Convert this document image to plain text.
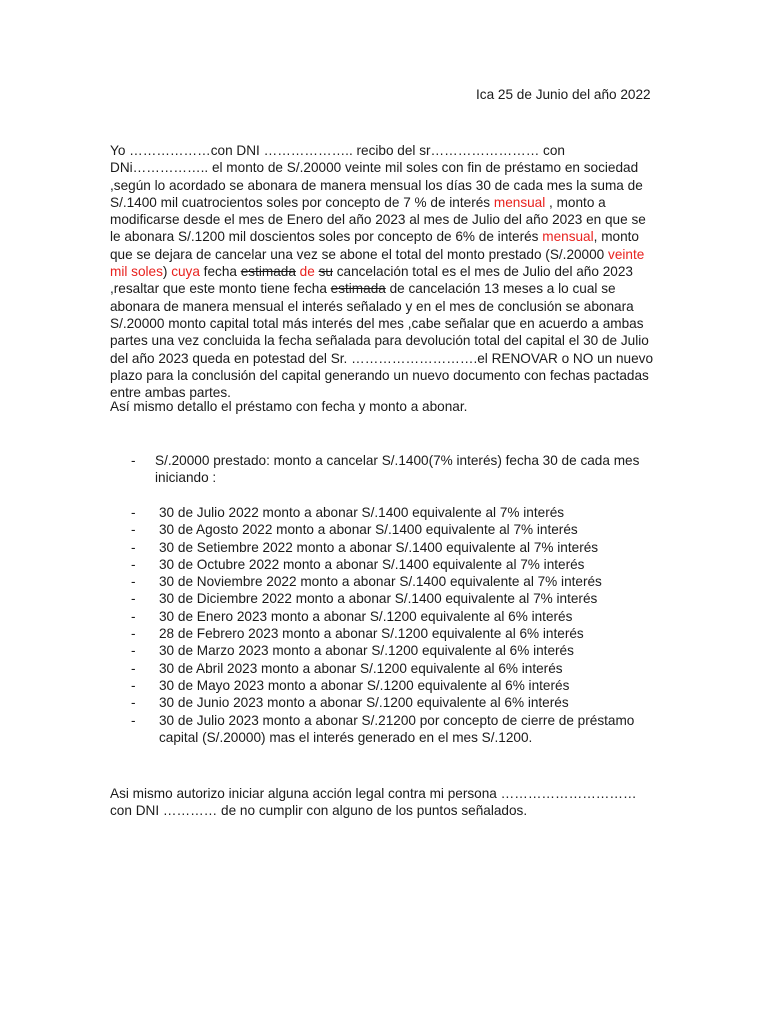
Ica 25 de Junio del año 2022

Yo ………………con DNI ……………….. recibo del sr…………………… con DNi…………….. el monto de S/.20000 veinte mil soles con fin de préstamo en sociedad ,según lo acordado se abonara de manera mensual los días 30 de cada mes la suma de S/.1400 mil cuatrocientos soles por concepto de 7 % de interés mensual , monto a modificarse desde el mes de Enero del año 2023 al mes de Julio del año 2023 en que se le abonara S/.1200 mil doscientos soles por concepto de 6% de interés mensual, monto que se dejara de cancelar una vez se abone el total del monto prestado (S/.20000 veinte mil soles) cuya fecha estimada de su cancelación total es el mes de Julio del año 2023 ,resaltar que este monto tiene fecha estimada de cancelación 13 meses a lo cual se abonara de manera mensual el interés señalado y en el mes de conclusión se abonara S/.20000 monto capital total más interés del mes ,cabe señalar que en acuerdo a ambas partes una vez concluida la fecha señalada para devolución total del capital el 30 de Julio del año 2023 queda en potestad del Sr. ……………………….el RENOVAR o NO un nuevo plazo para la conclusión del capital generando un nuevo documento con fechas pactadas entre ambas partes.

Así mismo detallo el préstamo con fecha y monto a abonar.

- S/.20000 prestado: monto a cancelar S/.1400(7% interés) fecha 30 de cada mes iniciando :
- 30 de Julio 2022 monto a abonar S/.1400 equivalente al 7% interés
- 30 de Agosto 2022 monto a abonar S/.1400 equivalente al 7% interés
- 30 de Setiembre 2022 monto a abonar S/.1400 equivalente al 7% interés
- 30 de Octubre 2022 monto a abonar S/.1400 equivalente al 7% interés
- 30 de Noviembre 2022 monto a abonar S/.1400 equivalente al 7% interés
- 30 de Diciembre 2022 monto a abonar S/.1400 equivalente al 7% interés
- 30 de Enero 2023 monto a abonar S/.1200 equivalente al 6% interés
- 28 de Febrero 2023 monto a abonar S/.1200 equivalente al 6% interés
- 30 de Marzo 2023 monto a abonar S/.1200 equivalente al 6% interés
- 30 de Abril 2023 monto a abonar S/.1200 equivalente al 6% interés
- 30 de Mayo 2023 monto a abonar S/.1200 equivalente al 6% interés
- 30 de Junio 2023 monto a abonar S/.1200 equivalente al 6% interés
- 30 de Julio 2023 monto a abonar S/.21200 por concepto de cierre de préstamo capital (S/.20000) mas el interés generado en el mes S/.1200.

Asi mismo autorizo iniciar alguna acción legal contra mi persona …………………………con DNI ………… de no cumplir con alguno de los puntos señalados.
